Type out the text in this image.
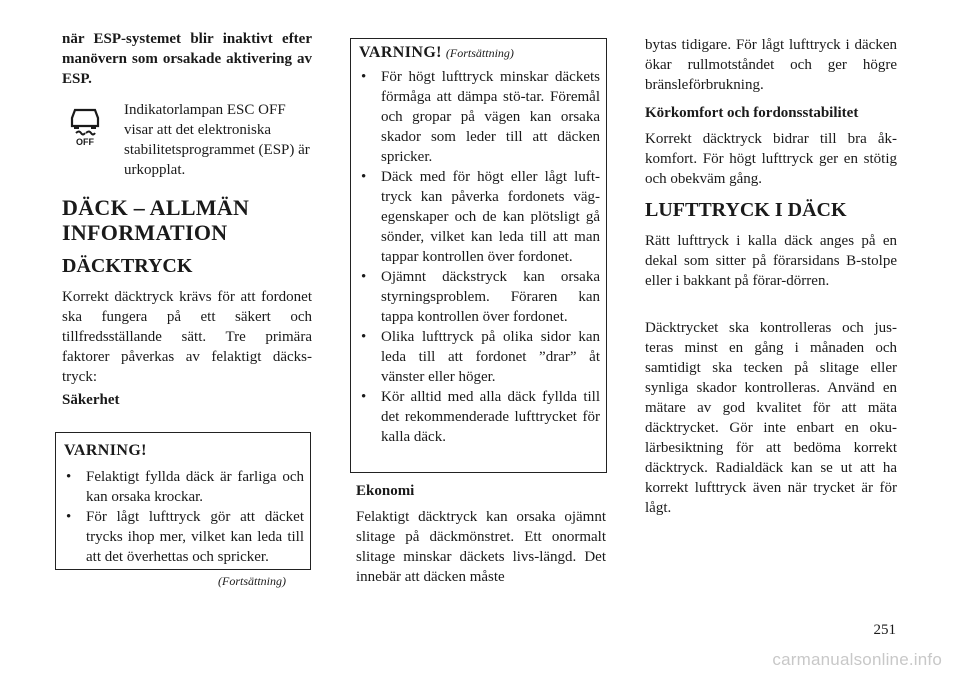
när ESP-systemet blir inaktivt efter manövern som orsakade aktivering av ESP.

OFF

Indikatorlampan ESC OFF visar att det elektroniska stabilitetsprogrammet (ESP) är urkopplat.

DÄCK – ALLMÄN

INFORMATION

DÄCKTRYCK

Korrekt däcktryck krävs för att fordonet ska fungera på ett säkert och tillfredsställande sätt. Tre primära faktorer påverkas av felaktigt däcks-tryck:

Säkerhet

VARNING!
• Felaktigt fyllda däck är farliga och kan orsaka krockar.
• För lågt lufttryck gör att däcket trycks ihop mer, vilket kan leda till att det överhettas och spricker.
(Fortsättning)
VARNING! (Fortsättning)
• För högt lufttryck minskar däckets förmåga att dämpa stö-tar. Föremål och gropar på vägen kan orsaka skador som leder till att däcken spricker.
• Däck med för högt eller lågt luft-tryck kan påverka fordonets väg-egenskaper och de kan plötsligt gå sönder, vilket kan leda till att man tappar kontrollen över fordonet.
• Ojämnt däckstryck kan orsaka styrningsproblem. Föraren kan tappa kontrollen över fordonet.
• Olika lufttryck på olika sidor kan leda till att fordonet ”drar” åt vänster eller höger.
• Kör alltid med alla däck fyllda till det rekommenderade lufttrycket för kalla däck.

Ekonomi

Felaktigt däcktryck kan orsaka ojämnt slitage på däckmönstret. Ett onormalt slitage minskar däckets livs-längd. Det innebär att däcken måste

bytas tidigare. För lågt lufttryck i däcken ökar rullmotståndet och ger högre bränsleförbrukning.

Körkomfort och fordonsstabilitet

Korrekt däcktryck bidrar till bra åk-komfort. För högt lufttryck ger en stötig och obekväm gång.

LUFTTRYCK I DÄCK

Rätt lufttryck i kalla däck anges på en dekal som sitter på förarsidans B-stolpe eller i bakkant på förar-dörren.

Däcktrycket ska kontrolleras och jus-teras minst en gång i månaden och samtidigt ska tecken på slitage eller synliga skador kontrolleras. Använd en mätare av god kvalitet för att mäta däcktrycket. Gör inte enbart en oku-lärbesiktning för att bedöma korrekt däcktryck. Radialdäck kan se ut att ha korrekt lufttryck även när trycket är för lågt.

251
carmanualsonline.info
